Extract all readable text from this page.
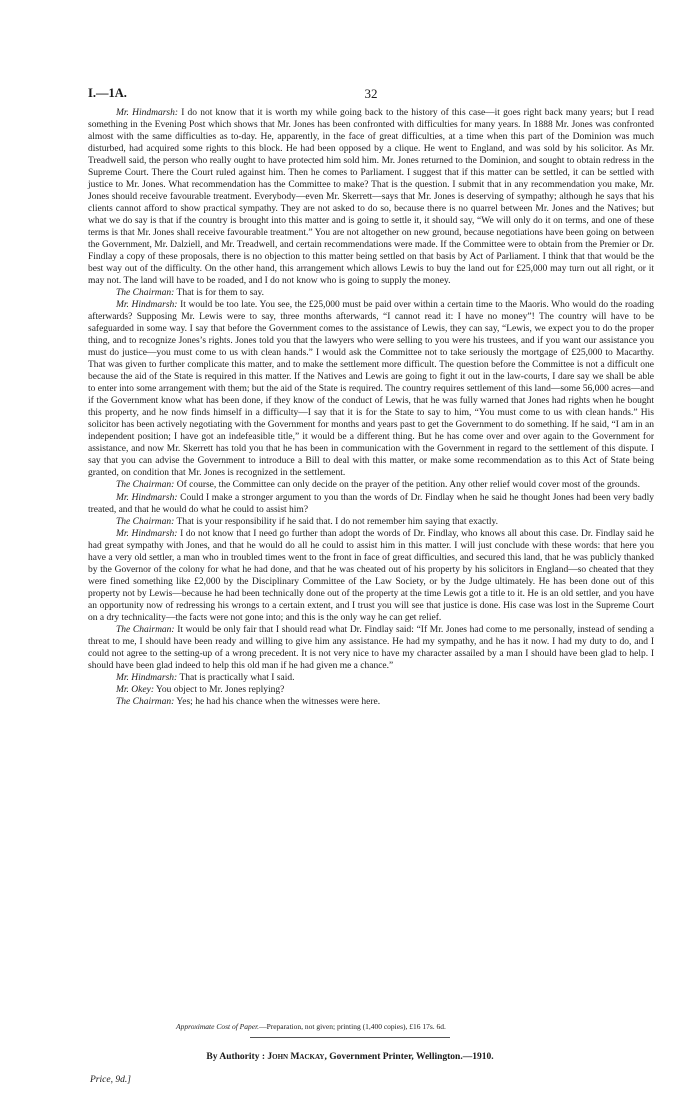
I.—1A.	32

Mr. Hindmarsh: I do not know that it is worth my while going back to the history of this case—it goes right back many years; but I read something in the Evening Post which shows that Mr. Jones has been confronted with difficulties for many years. In 1888 Mr. Jones was confronted almost with the same difficulties as to-day. He, apparently, in the face of great difficulties, at a time when this part of the Dominion was much disturbed, had acquired some rights to this block. He had been opposed by a clique. He went to England, and was sold by his solicitor. As Mr. Treadwell said, the person who really ought to have protected him sold him. Mr. Jones returned to the Dominion, and sought to obtain redress in the Supreme Court. There the Court ruled against him. Then he comes to Parliament. I suggest that if this matter can be settled, it can be settled with justice to Mr. Jones. What recommendation has the Committee to make? That is the question. I submit that in any recommendation you make, Mr. Jones should receive favourable treatment. Everybody—even Mr. Skerrett—says that Mr. Jones is deserving of sympathy; although he says that his clients cannot afford to show practical sympathy. They are not asked to do so, because there is no quarrel between Mr. Jones and the Natives; but what we do say is that if the country is brought into this matter and is going to settle it, it should say, “We will only do it on terms, and one of these terms is that Mr. Jones shall receive favourable treatment.” You are not altogether on new ground, because negotiations have been going on between the Government, Mr. Dalziell, and Mr. Treadwell, and certain recommendations were made. If the Committee were to obtain from the Premier or Dr. Findlay a copy of these proposals, there is no objection to this matter being settled on that basis by Act of Parliament. I think that that would be the best way out of the difficulty. On the other hand, this arrangement which allows Lewis to buy the land out for £25,000 may turn out all right, or it may not. The land will have to be roaded, and I do not know who is going to supply the money.

The Chairman: That is for them to say.

Mr. Hindmarsh: It would be too late. You see, the £25,000 must be paid over within a certain time to the Maoris. Who would do the roading afterwards? Supposing Mr. Lewis were to say, three months afterwards, “I cannot read it: I have no money”! The country will have to be safeguarded in some way. I say that before the Government comes to the assistance of Lewis, they can say, “Lewis, we expect you to do the proper thing, and to recognize Jones’s rights. Jones told you that the lawyers who were selling to you were his trustees, and if you want our assistance you must do justice—you must come to us with clean hands.” I would ask the Committee not to take seriously the mortgage of £25,000 to Macarthy. That was given to further complicate this matter, and to make the settlement more difficult. The question before the Committee is not a difficult one because the aid of the State is required in this matter. If the Natives and Lewis are going to fight it out in the law-courts, I dare say we shall be able to enter into some arrangement with them; but the aid of the State is required. The country requires settlement of this land—some 56,000 acres—and if the Government know what has been done, if they know of the conduct of Lewis, that he was fully warned that Jones had rights when he bought this property, and he now finds himself in a difficulty—I say that it is for the State to say to him, “You must come to us with clean hands.” His solicitor has been actively negotiating with the Government for months and years past to get the Government to do something. If he said, “I am in an independent position; I have got an indefeasible title,” it would be a different thing. But he has come over and over again to the Government for assistance, and now Mr. Skerrett has told you that he has been in communication with the Government in regard to the settlement of this dispute. I say that you can advise the Government to introduce a Bill to deal with this matter, or make some recommendation as to this Act of State being granted, on condition that Mr. Jones is recognized in the settlement.

The Chairman: Of course, the Committee can only decide on the prayer of the petition. Any other relief would cover most of the grounds.

Mr. Hindmarsh: Could I make a stronger argument to you than the words of Dr. Findlay when he said he thought Jones had been very badly treated, and that he would do what he could to assist him?

The Chairman: That is your responsibility if he said that. I do not remember him saying that exactly.

Mr. Hindmarsh: I do not know that I need go further than adopt the words of Dr. Findlay, who knows all about this case. Dr. Findlay said he had great sympathy with Jones, and that he would do all he could to assist him in this matter. I will just conclude with these words: that here you have a very old settler, a man who in troubled times went to the front in face of great difficulties, and secured this land, that he was publicly thanked by the Governor of the colony for what he had done, and that he was cheated out of his property by his solicitors in England—so cheated that they were fined something like £2,000 by the Disciplinary Committee of the Law Society, or by the Judge ultimately. He has been done out of this property not by Lewis—because he had been technically done out of the property at the time Lewis got a title to it. He is an old settler, and you have an opportunity now of redressing his wrongs to a certain extent, and I trust you will see that justice is done. His case was lost in the Supreme Court on a dry technicality—the facts were not gone into; and this is the only way he can get relief.

The Chairman: It would be only fair that I should read what Dr. Findlay said: “If Mr. Jones had come to me personally, instead of sending a threat to me, I should have been ready and willing to give him any assistance. He had my sympathy, and he has it now. I had my duty to do, and I could not agree to the setting-up of a wrong precedent. It is not very nice to have my character assailed by a man I should have been glad to help. I should have been glad indeed to help this old man if he had given me a chance.”

Mr. Hindmarsh: That is practically what I said.

Mr. Okey: You object to Mr. Jones replying?

The Chairman: Yes; he had his chance when the witnesses were here.

Approximate Cost of Paper.—Preparation, not given; printing (1,400 copies), £16 17s. 6d.
By Authority : John Mackay, Government Printer, Wellington.—1910.
Price, 9d.]
